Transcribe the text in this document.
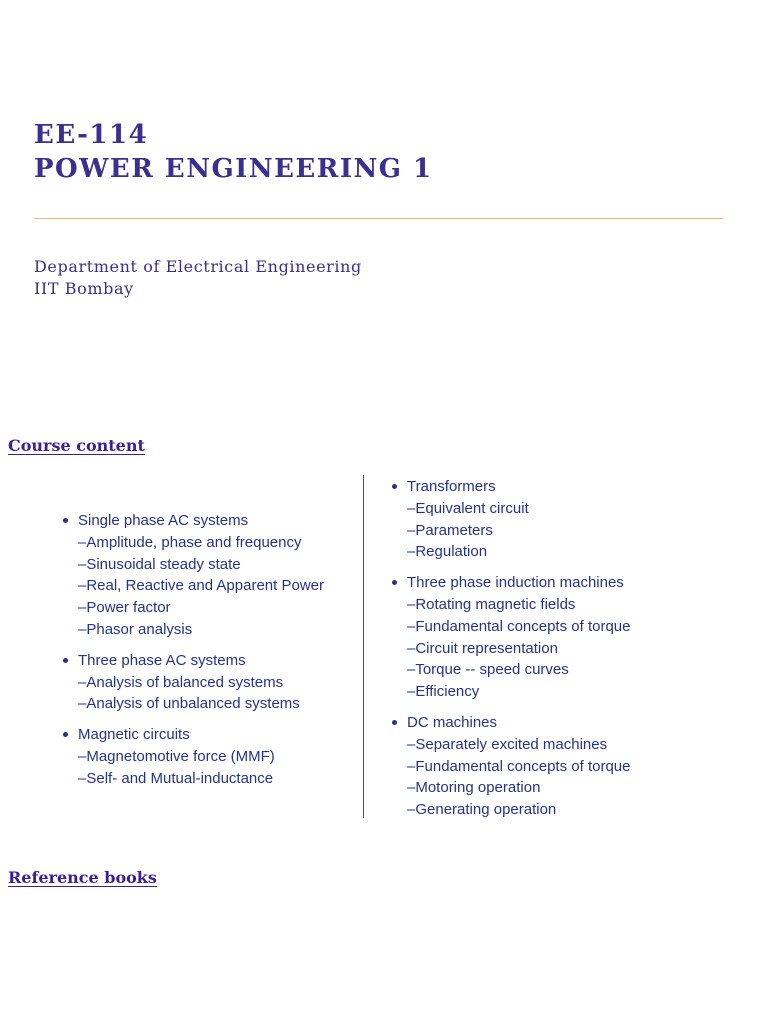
EE-114
POWER ENGINEERING 1
Department of Electrical Engineering
IIT Bombay
Course content
Single phase AC systems
–Amplitude, phase and frequency
–Sinusoidal steady state
–Real, Reactive and Apparent Power
–Power factor
–Phasor analysis
Three phase AC systems
–Analysis of balanced systems
–Analysis of unbalanced systems
Magnetic circuits
–Magnetomotive force (MMF)
–Self- and Mutual-inductance
Transformers
–Equivalent circuit
–Parameters
–Regulation
Three phase induction machines
–Rotating magnetic fields
–Fundamental concepts of torque
–Circuit representation
–Torque -- speed curves
–Efficiency
DC machines
–Separately excited machines
–Fundamental concepts of torque
–Motoring operation
–Generating operation
Reference books
